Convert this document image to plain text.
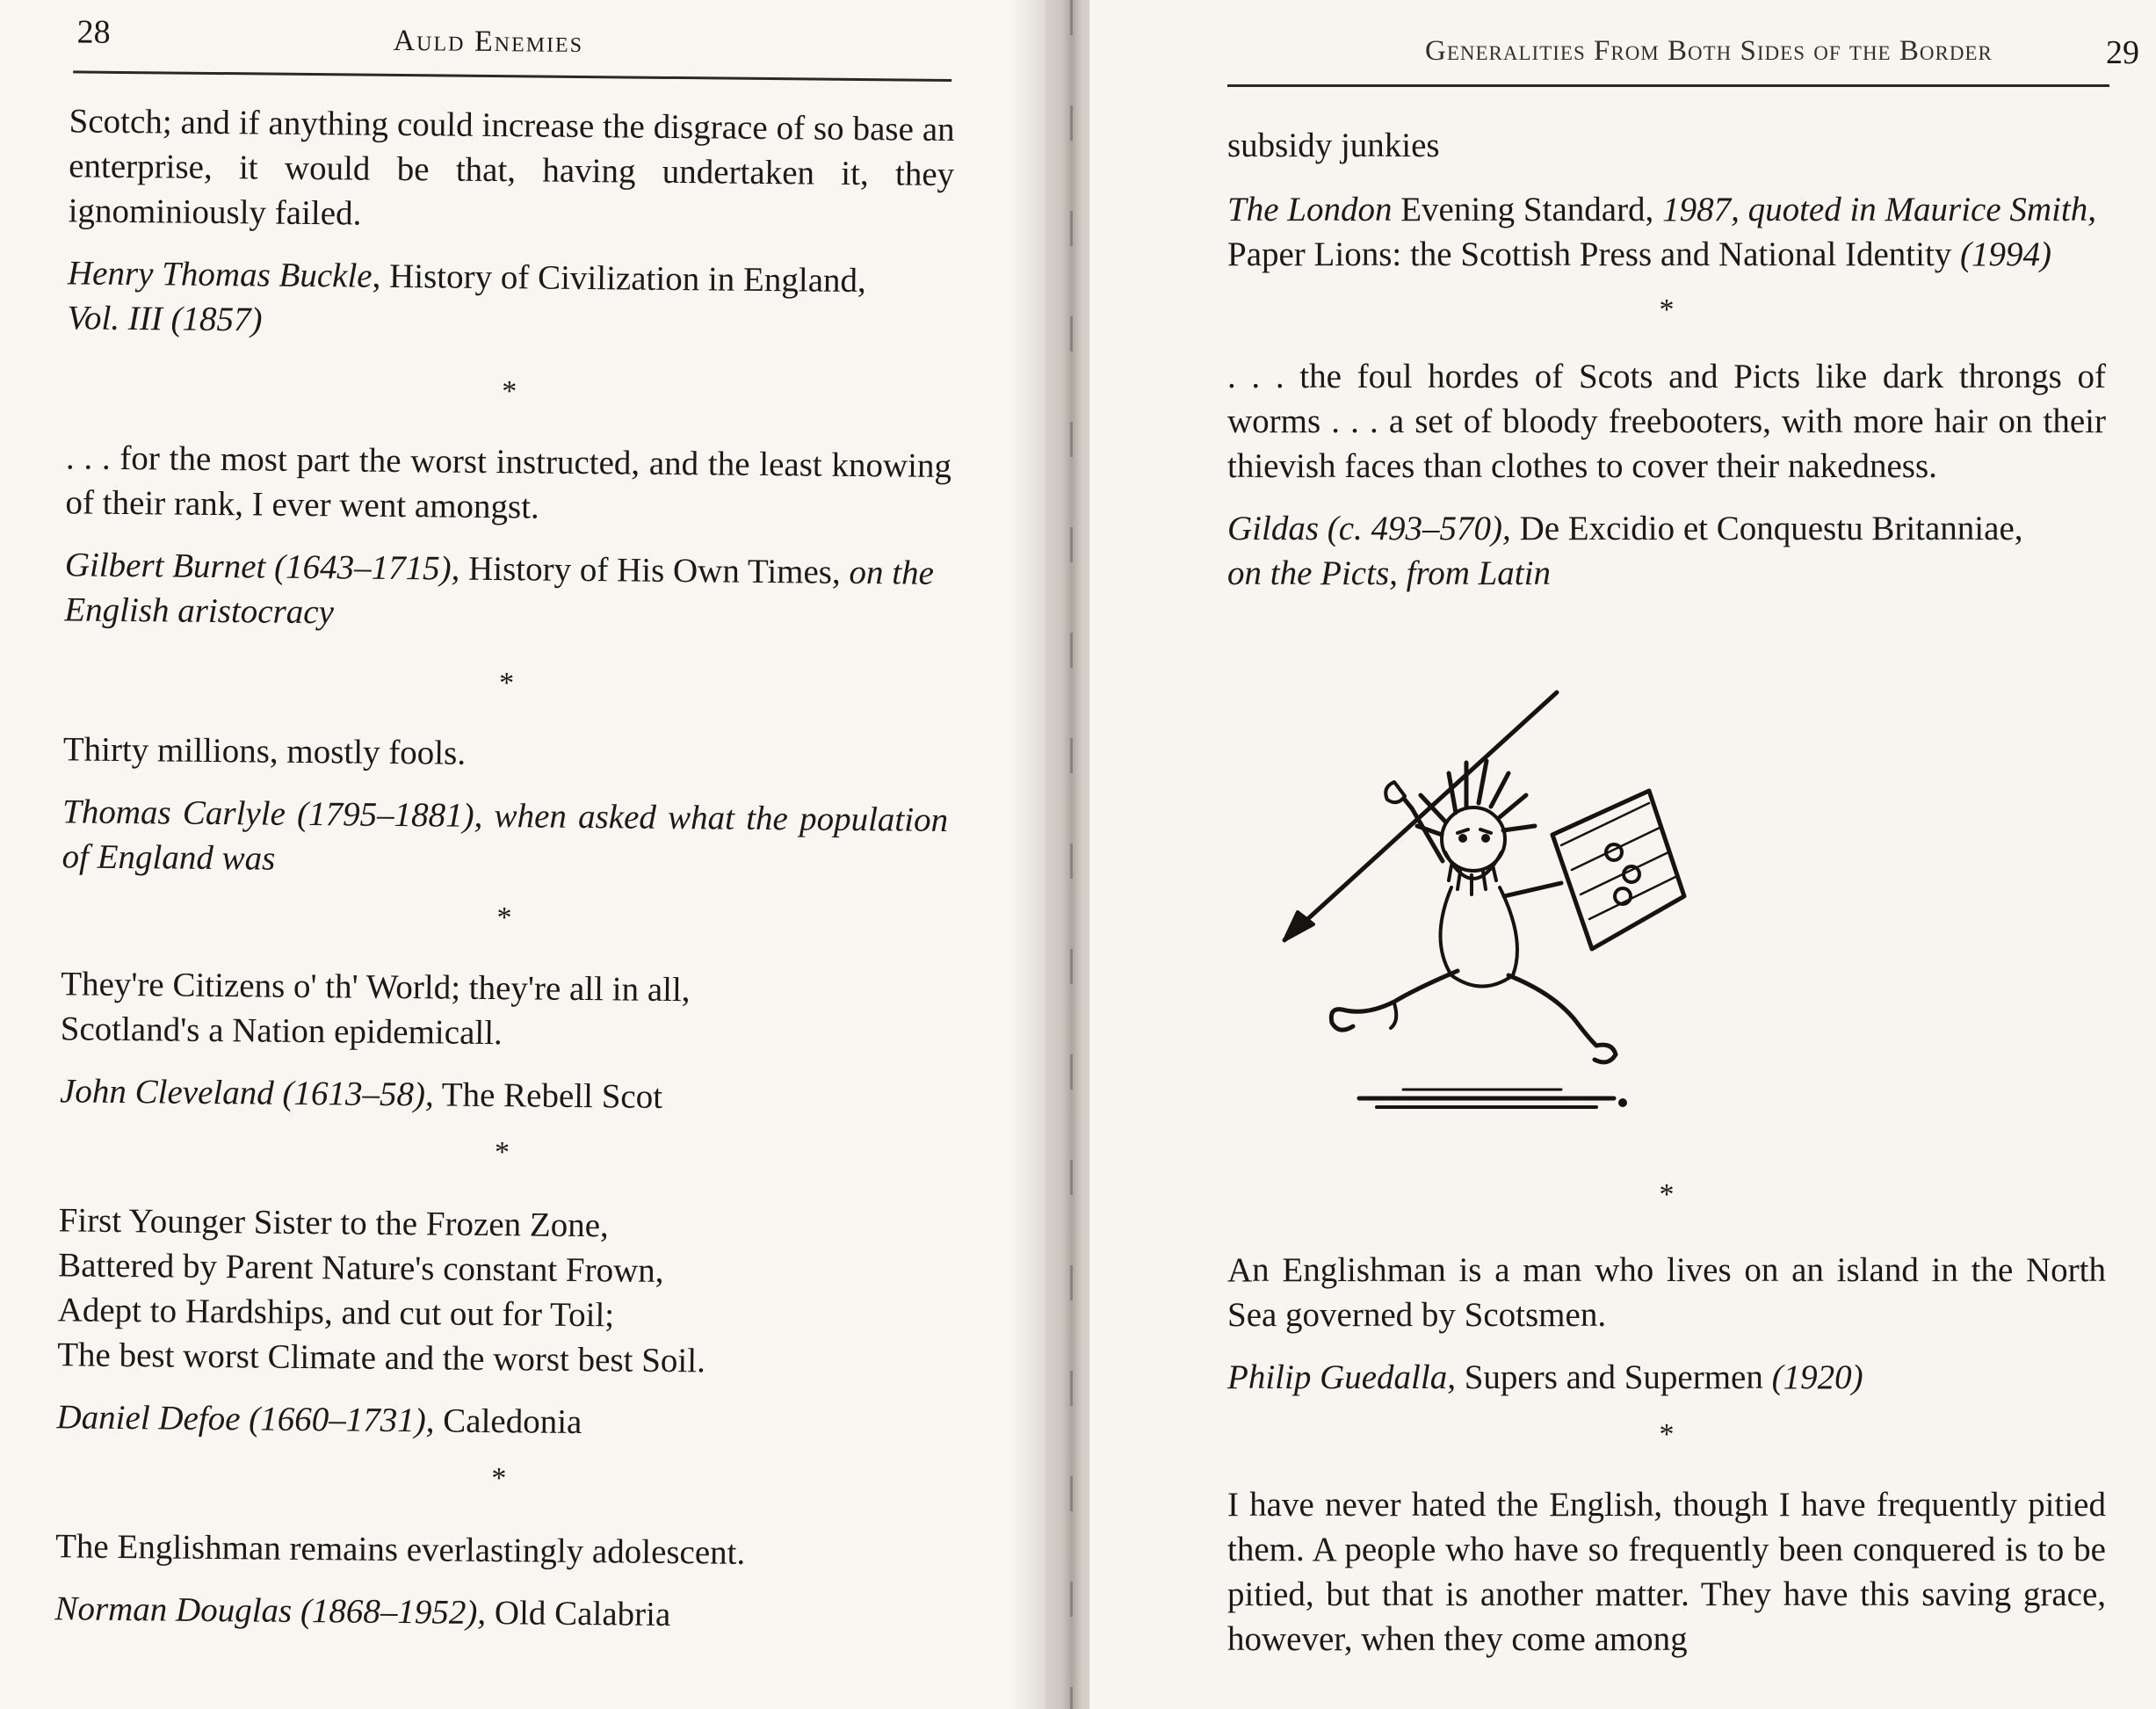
28	Auld Enemies

Scotch; and if anything could increase the disgrace of so base an enterprise, it would be that, having undertaken it, they ignominiously failed.

Henry Thomas Buckle, History of Civilization in England,
Vol. III (1857)

*

. . . for the most part the worst instructed, and the least knowing of their rank, I ever went amongst.

Gilbert Burnet (1643–1715), History of His Own Times, on the English aristocracy

*

Thirty millions, mostly fools.

Thomas Carlyle (1795–1881), when asked what the population of England was

*

They're Citizens o' th' World; they're all in all,
Scotland's a Nation epidemicall.

John Cleveland (1613–58), The Rebell Scot

*

First Younger Sister to the Frozen Zone,
Battered by Parent Nature's constant Frown,
Adept to Hardships, and cut out for Toil;
The best worst Climate and the worst best Soil.

Daniel Defoe (1660–1731), Caledonia

*

The Englishman remains everlastingly adolescent.

Norman Douglas (1868–1952), Old Calabria

Generalities From Both Sides of the Border	29

subsidy junkies

The London Evening Standard, 1987, quoted in Maurice Smith, Paper Lions: the Scottish Press and National Identity (1994)

*

. . . the foul hordes of Scots and Picts like dark throngs of worms . . . a set of bloody freebooters, with more hair on their thievish faces than clothes to cover their nakedness.

Gildas (c. 493–570), De Excidio et Conquestu Britanniae,
on the Picts, from Latin

*

An Englishman is a man who lives on an island in the North Sea governed by Scotsmen.

Philip Guedalla, Supers and Supermen (1920)

*

I have never hated the English, though I have frequently pitied them. A people who have so frequently been conquered is to be pitied, but that is another matter. They have this saving grace, however, when they come among
